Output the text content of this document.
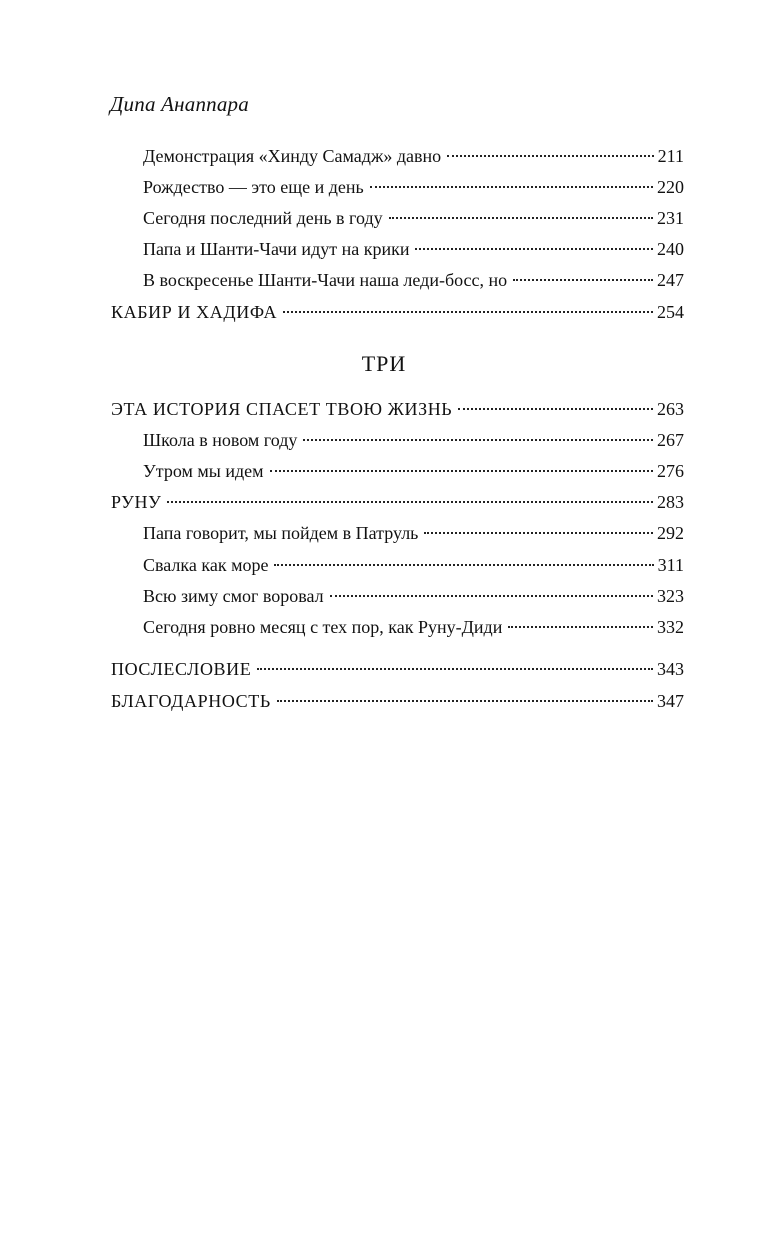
Дипа Анаппара
Демонстрация «Хинду Самадж» давно	211
Рождество — это еще и день	220
Сегодня последний день в году	231
Папа и Шанти-Чачи идут на крики	240
В воскресенье Шанти-Чачи наша леди-босс, но	247
КАБИР И ХАДИФА	254
ТРИ
ЭТА ИСТОРИЯ СПАСЕТ ТВОЮ ЖИЗНЬ	263
Школа в новом году	267
Утром мы идем	276
РУНУ	283
Папа говорит, мы пойдем в Патруль	292
Свалка как море	311
Всю зиму смог воровал	323
Сегодня ровно месяц с тех пор, как Руну-Диди	332
ПОСЛЕСЛОВИЕ	343
БЛАГОДАРНОСТЬ	347
